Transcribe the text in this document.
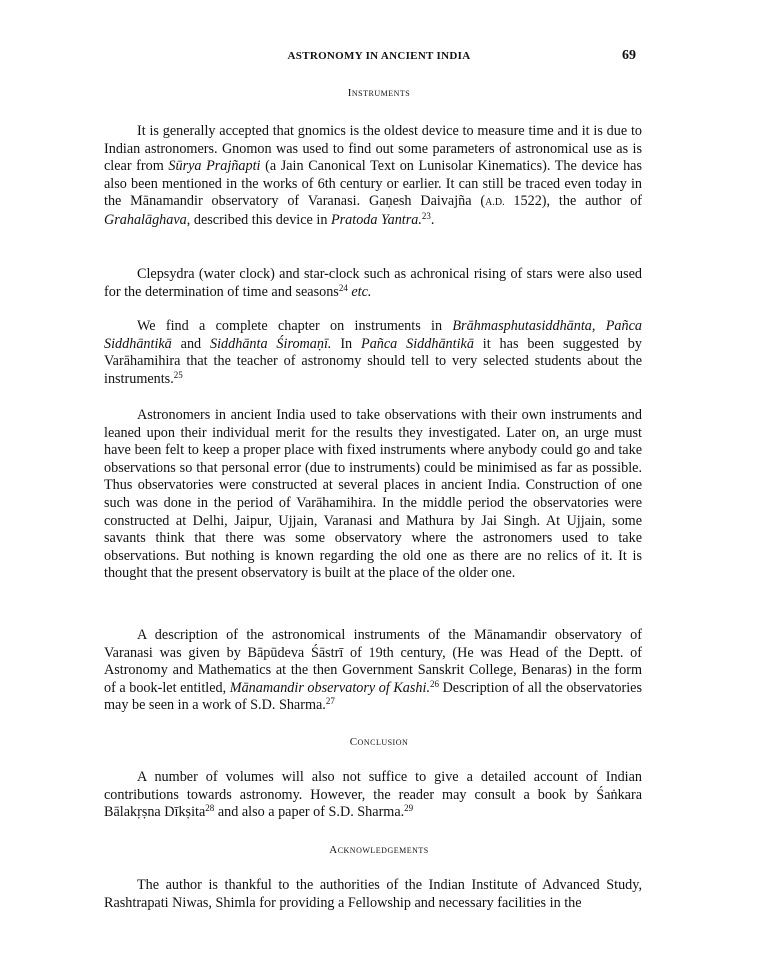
ASTRONOMY IN ANCIENT INDIA	69
Instruments

It is generally accepted that gnomics is the oldest device to measure time and it is due to Indian astronomers. Gnomon was used to find out some parameters of astronomical use as is clear from Sūrya Prajñapti (a Jain Canonical Text on Lunisolar Kinematics). The device has also been mentioned in the works of 6th century or earlier. It can still be traced even today in the Mānamandir observatory of Varanasi. Gaṇesh Daivajña (A.D. 1522), the author of Grahalāghava, described this device in Pratoda Yantra.$^{23}$.

Clepsydra (water clock) and star-clock such as achronical rising of stars were also used for the determination of time and seasons$^{24}$ etc.

We find a complete chapter on instruments in Brāhmasphutasiddhānta, Pañca Siddhāntikā and Siddhānta Śiromaṇī. In Pañca Siddhāntikā it has been suggested by Varāhamihira that the teacher of astronomy should tell to very selected students about the instruments.$^{25}$

Astronomers in ancient India used to take observations with their own instruments and leaned upon their individual merit for the results they investigated. Later on, an urge must have been felt to keep a proper place with fixed instruments where anybody could go and take observations so that personal error (due to instruments) could be minimised as far as possible. Thus observatories were constructed at several places in ancient India. Construction of one such was done in the period of Varāhamihira. In the middle period the observatories were constructed at Delhi, Jaipur, Ujjain, Varanasi and Mathura by Jai Singh. At Ujjain, some savants think that there was some observatory where the astronomers used to take observations. But nothing is known regarding the old one as there are no relics of it. It is thought that the present observatory is built at the place of the older one.

A description of the astronomical instruments of the Mānamandir observatory of Varanasi was given by Bāpūdeva Śāstrī of 19th century, (He was Head of the Deptt. of Astronomy and Mathematics at the then Government Sanskrit College, Benaras) in the form of a book-let entitled, Mānamandir observatory of Kashi.$^{26}$ Description of all the observatories may be seen in a work of S.D. Sharma.$^{27}$

Conclusion

A number of volumes will also not suffice to give a detailed account of Indian contributions towards astronomy. However, the reader may consult a book by Śaṅkara Bālakṛṣna Dīkṣita$^{28}$ and also a paper of S.D. Sharma.$^{29}$

Acknowledgements

The author is thankful to the authorities of the Indian Institute of Advanced Study, Rashtrapati Niwas, Shimla for providing a Fellowship and necessary facilities in the
